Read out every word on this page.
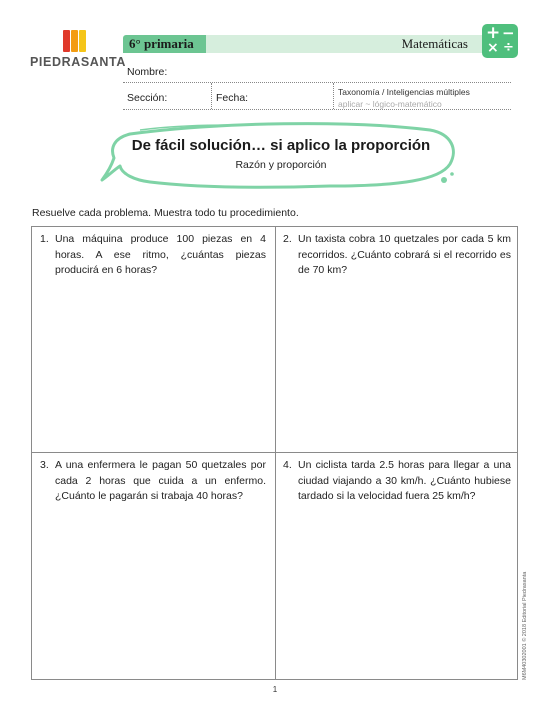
PIEDRASANTA
6° primaria	Matemáticas
+ −
× ÷
Nombre:
Sección:	Fecha:	Taxonomía / Inteligencias múltiples
aplicar ~ lógico-matemático
De fácil solución… si aplico la proporción
Razón y proporción
Resuelve cada problema. Muestra todo tu procedimiento.
1. Una máquina produce 100 piezas en 4 horas. A ese ritmo, ¿cuántas piezas producirá en 6 horas?
2. Un taxista cobra 10 quetzales por cada 5 km recorridos. ¿Cuánto cobrará si el recorrido es de 70 km?
3. A una enfermera le pagan 50 quetzales por cada 2 horas que cuida a un enfermo. ¿Cuánto le pagarán si trabaja 40 horas?
4. Un ciclista tarda 2.5 horas para llegar a una ciudad viajando a 30 km/h. ¿Cuánto hubiese tardado si la velocidad fuera 25 km/h?
M6M40302001 © 2018 Editorial Piedrasanta
1
